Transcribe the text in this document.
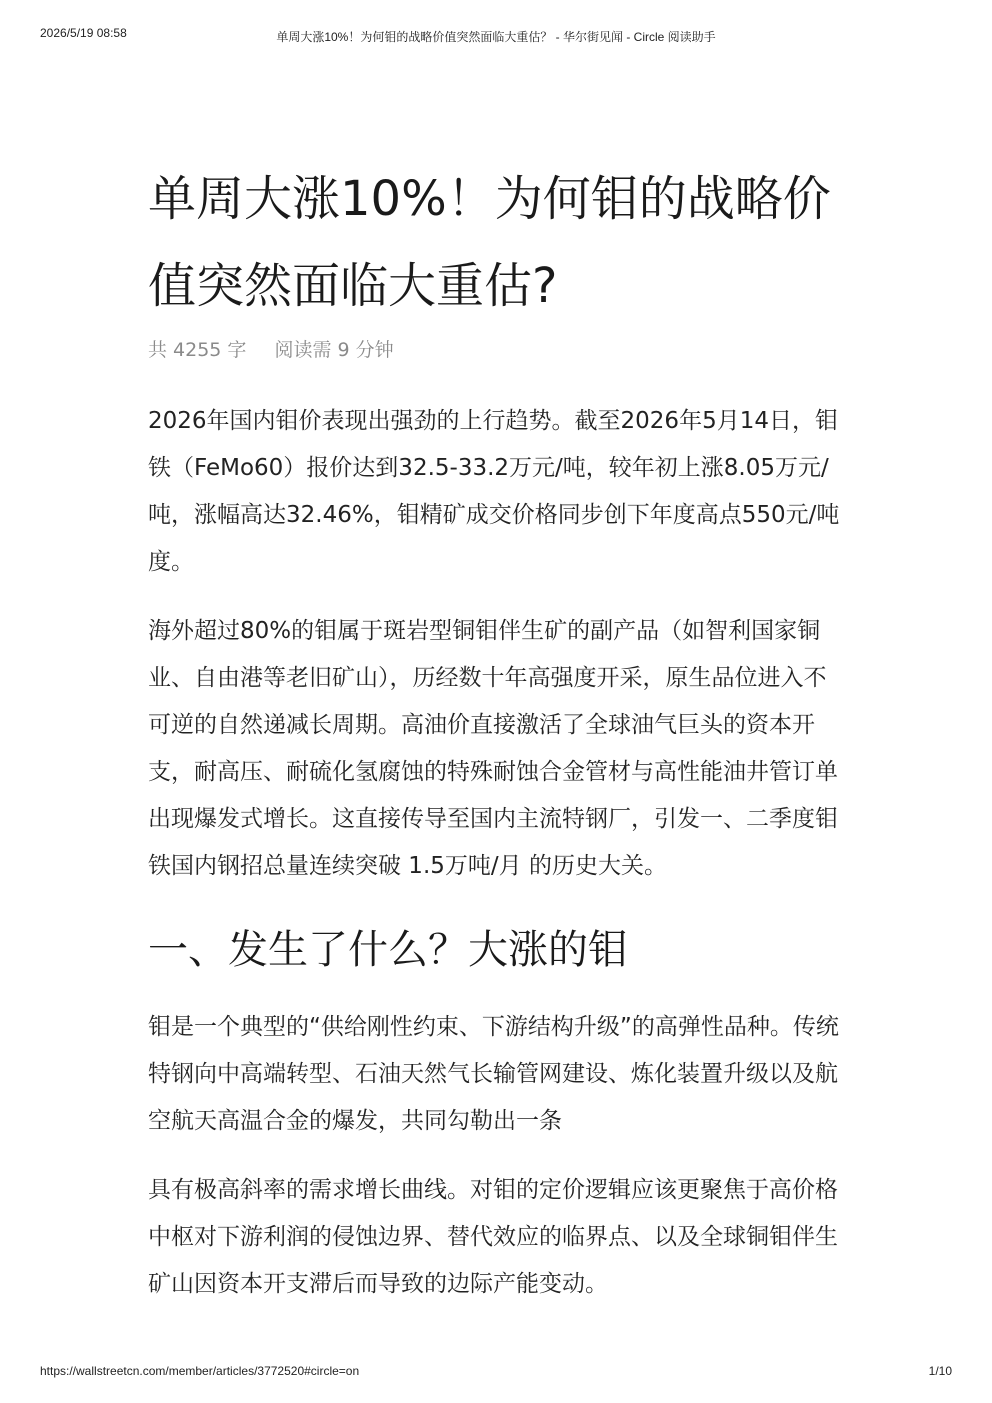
2026/5/19 08:58	单周大涨10%！为何钼的战略价值突然面临大重估？ - 华尔街见闻 - Circle 阅读助手
单周大涨10%！为何钼的战略价值突然面临大重估?
共 4255 字 阅读需 9 分钟

2026年国内钼价表现出强劲的上行趋势。截至2026年5月14日，钼铁（FeMo60）报价达到32.5-33.2万元/吨，较年初上涨8.05万元/吨，涨幅高达32.46%，钼精矿成交价格同步创下年度高点550元/吨度。

海外超过80%的钼属于斑岩型铜钼伴生矿的副产品（如智利国家铜业、自由港等老旧矿山），历经数十年高强度开采，原生品位进入不可逆的自然递减长周期。高油价直接激活了全球油气巨头的资本开支，耐高压、耐硫化氢腐蚀的特殊耐蚀合金管材与高性能油井管订单出现爆发式增长。这直接传导至国内主流特钢厂，引发一、二季度钼铁国内钢招总量连续突破 1.5万吨/月 的历史大关。

一、发生了什么？大涨的钼

钼是一个典型的“供给刚性约束、下游结构升级”的高弹性品种。传统特钢向中高端转型、石油天然气长输管网建设、炼化装置升级以及航空航天高温合金的爆发，共同勾勒出一条

具有极高斜率的需求增长曲线。对钼的定价逻辑应该更聚焦于高价格中枢对下游利润的侵蚀边界、替代效应的临界点、以及全球铜钼伴生矿山因资本开支滞后而导致的边际产能变动。

https://wallstreetcn.com/member/articles/3772520#circle=on	1/10
